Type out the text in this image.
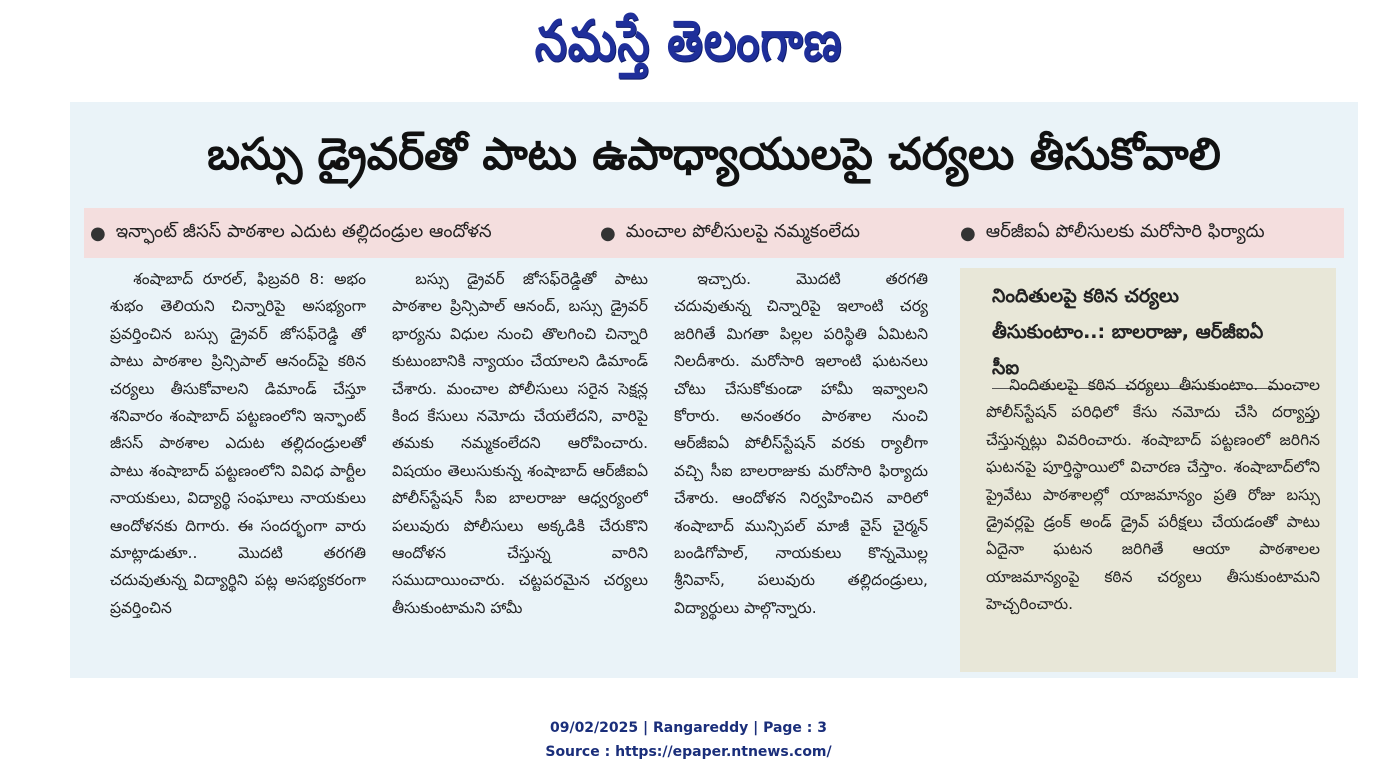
నమస్తే తెలంగాణ
బస్సు డ్రైవర్‌తో పాటు ఉపాధ్యాయులపై చర్యలు తీసుకోవాలి
● ఇన్ఫాంట్ జీసస్ పాఠశాల ఎదుట తల్లిదండ్రుల ఆందోళన	● మంచాల పోలీసులపై నమ్మకంలేదు	● ఆర్‌జీఐఏ పోలీసులకు మరోసారి ఫిర్యాదు

శంషాబాద్ రూరల్, ఫిబ్రవరి 8: అభం శుభం తెలియని చిన్నారిపై అసభ్యంగా ప్రవర్తించిన బస్సు డ్రైవర్ జోసఫ్‌రెడ్డి తో పాటు పాఠశాల ప్రిన్సిపాల్ ఆనంద్‌పై కఠిన చర్యలు తీసుకోవాలని డిమాండ్ చేస్తూ శనివారం శంషాబాద్ పట్టణంలోని ఇన్ఫాంట్ జీసస్ పాఠశాల ఎదుట తల్లిదండ్రులతో పాటు శంషాబాద్ పట్టణంలోని వివిధ పార్టీల నాయకులు, విద్యార్థి సంఘాలు నాయకులు ఆందోళనకు దిగారు. ఈ సందర్భంగా వారు మాట్లాడుతూ.. మొదటి తరగతి చదువుతున్న విద్యార్థిని పట్ల అసభ్యకరంగా ప్రవర్తించిన

బస్సు డ్రైవర్ జోసఫ్‌రెడ్డితో పాటు పాఠశాల ప్రిన్సిపాల్ ఆనంద్, బస్సు డ్రైవర్ భార్యను విధుల నుంచి తొలగించి చిన్నారి కుటుంబానికి న్యాయం చేయాలని డిమాండ్ చేశారు. మంచాల పోలీసులు సరైన సెక్షన్ల కింద కేసులు నమోదు చేయలేదని, వారిపై తమకు నమ్మకంలేదని ఆరోపించారు. విషయం తెలుసుకున్న శంషాబాద్ ఆర్‌జీఐఏ పోలీస్‌స్టేషన్ సీఐ బాలరాజు ఆధ్వర్యంలో పలువురు పోలీసులు అక్కడికి చేరుకొని ఆందోళన చేస్తున్న వారిని సముదాయించారు. చట్టపరమైన చర్యలు తీసుకుంటామని హామీ

ఇచ్చారు. మొదటి తరగతి చదువుతున్న చిన్నారిపై ఇలాంటి చర్య జరిగితే మిగతా పిల్లల పరిస్థితి ఏమిటని నిలదీశారు. మరోసారి ఇలాంటి ఘటనలు చోటు చేసుకోకుండా హామీ ఇవ్వాలని కోరారు. అనంతరం పాఠశాల నుంచి ఆర్‌జీఐఏ పోలీస్‌స్టేషన్ వరకు ర్యాలీగా వచ్చి సీఐ బాలరాజుకు మరోసారి ఫిర్యాదు చేశారు. ఆందోళన నిర్వహించిన వారిలో శంషాబాద్ మున్సిపల్ మాజీ వైస్ చైర్మన్ బండిగోపాల్, నాయకులు కొన్నమొల్ల శ్రీనివాస్, పలువురు తల్లిదండ్రులు, విద్యార్థులు పాల్గొన్నారు.

నిందితులపై కఠిన చర్యలు తీసుకుంటాం..: బాలరాజు, ఆర్‌జీఐఏ సీఐ

నిందితులపై కఠిన చర్యలు తీసుకుంటాం. మంచాల పోలీస్‌స్టేషన్ పరిధిలో కేసు నమోదు చేసి దర్యాప్తు చేస్తున్నట్లు వివరించారు. శంషాబాద్ పట్టణంలో జరిగిన ఘటనపై పూర్తిస్థాయిలో విచారణ చేస్తాం. శంషాబాద్‌లోని ప్రైవేటు పాఠశాలల్లో యాజమాన్యం ప్రతి రోజు బస్సు డ్రైవర్లపై డ్రంక్ అండ్ డ్రైవ్ పరీక్షలు చేయడంతో పాటు ఏదైనా ఘటన జరిగితే ఆయా పాఠశాలల యాజమాన్యంపై కఠిన చర్యలు తీసుకుంటామని హెచ్చరించారు.

09/02/2025 | Rangareddy | Page : 3
Source : https://epaper.ntnews.com/
